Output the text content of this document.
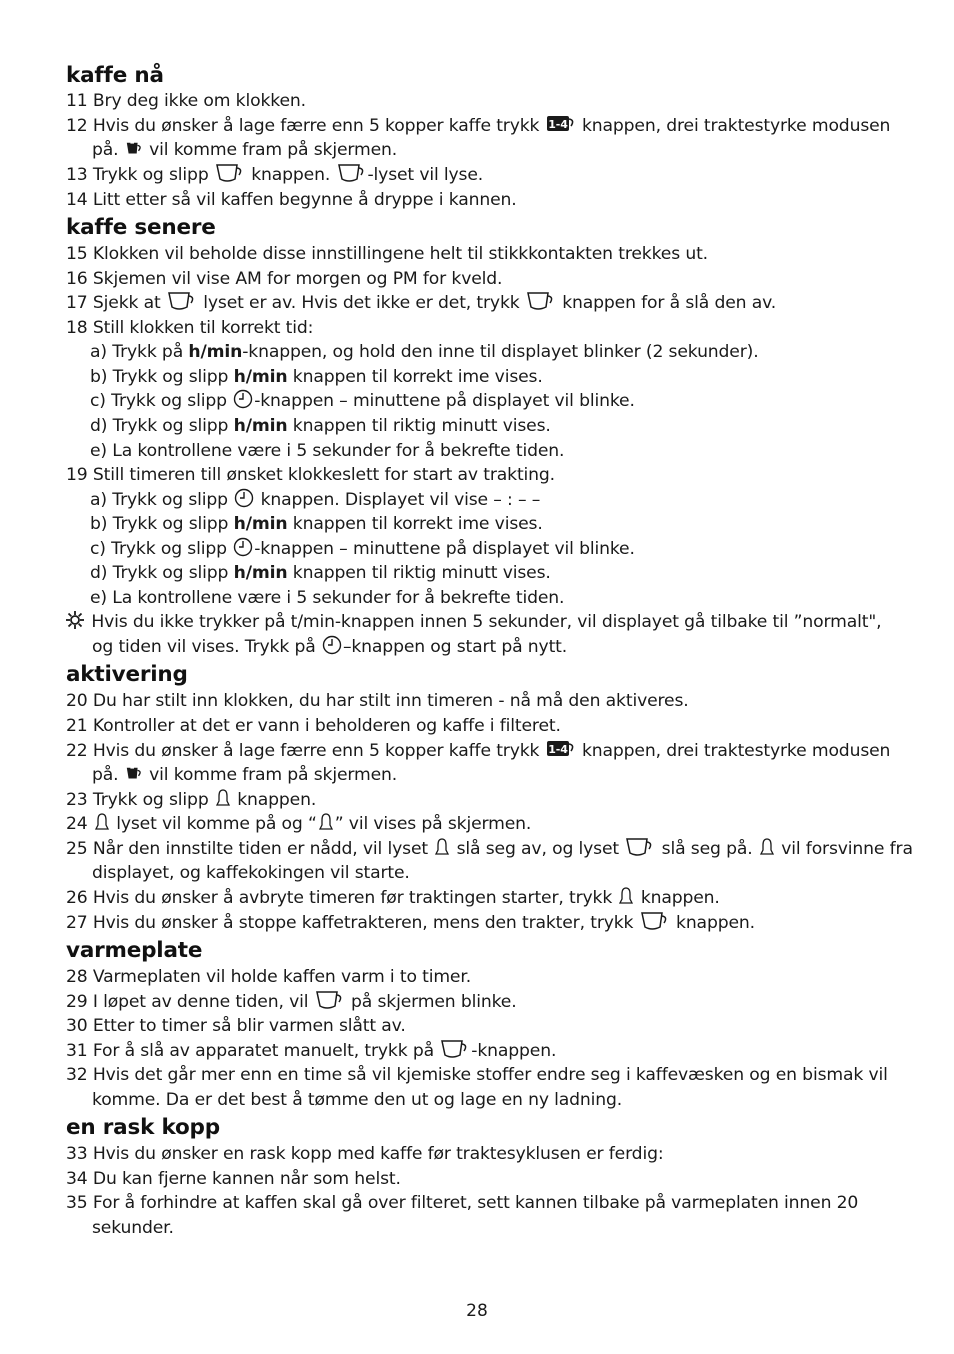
kaffe nå

11 Bry deg ikke om klokken.

12 Hvis du ønsker å lage færre enn 5 kopper kaffe trykk knappen, drei traktestyrke modusen

på. vil komme fram på skjermen.

13 Trykk og slipp knappen. -lyset vil lyse.

14 Litt etter så vil kaffen begynne å dryppe i kannen.

kaffe senere

15 Klokken vil beholde disse innstillingene helt til stikkkontakten trekkes ut.

16 Skjemen vil vise AM for morgen og PM for kveld.

17 Sjekk at lyset er av. Hvis det ikke er det, trykk knappen for å slå den av.

18 Still klokken til korrekt tid:

a) Trykk på h/min-knappen, og hold den inne til displayet blinker (2 sekunder).

b) Trykk og slipp h/min knappen til korrekt ime vises.

c) Trykk og slipp -knappen – minuttene på displayet vil blinke.

d) Trykk og slipp h/min knappen til riktig minutt vises.

e) La kontrollene være i 5 sekunder for å bekrefte tiden.

19 Still timeren till ønsket klokkeslett for start av trakting.

a) Trykk og slipp knappen. Displayet vil vise – : – –

b) Trykk og slipp h/min knappen til korrekt ime vises.

c) Trykk og slipp -knappen – minuttene på displayet vil blinke.

d) Trykk og slipp h/min knappen til riktig minutt vises.

e) La kontrollene være i 5 sekunder for å bekrefte tiden.

Hvis du ikke trykker på t/min-knappen innen 5 sekunder, vil displayet gå tilbake til ”normalt",

og tiden vil vises. Trykk på –knappen og start på nytt.

aktivering

20 Du har stilt inn klokken, du har stilt inn timeren - nå må den aktiveres.

21 Kontroller at det er vann i beholderen og kaffe i filteret.

22 Hvis du ønsker å lage færre enn 5 kopper kaffe trykk knappen, drei traktestyrke modusen

på. vil komme fram på skjermen.

23 Trykk og slipp knappen.

24 lyset vil komme på og “ ” vil vises på skjermen.

25 Når den innstilte tiden er nådd, vil lyset slå seg av, og lyset slå seg på. vil forsvinne fra

displayet, og kaffekokingen vil starte.

26 Hvis du ønsker å avbryte timeren før traktingen starter, trykk knappen.

27 Hvis du ønsker å stoppe kaffetrakteren, mens den trakter, trykk knappen.

varmeplate

28 Varmeplaten vil holde kaffen varm i to timer.

29 I løpet av denne tiden, vil på skjermen blinke.

30 Etter to timer så blir varmen slått av.

31 For å slå av apparatet manuelt, trykk på -knappen.

32 Hvis det går mer enn en time så vil kjemiske stoffer endre seg i kaffevæsken og en bismak vil

komme. Da er det best å tømme den ut og lage en ny ladning.

en rask kopp

33 Hvis du ønsker en rask kopp med kaffe før traktesyklusen er ferdig:

34 Du kan fjerne kannen når som helst.

35 For å forhindre at kaffen skal gå over filteret, sett kannen tilbake på varmeplaten innen 20

sekunder.

28
